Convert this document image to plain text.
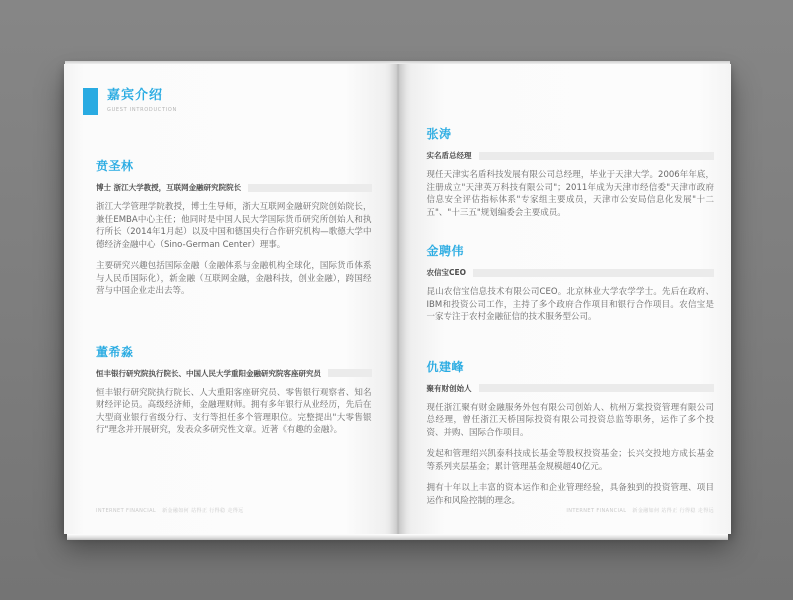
嘉宾介绍
GUEST INTRODUCTION
贲圣林
博士 浙江大学教授，互联网金融研究院院长

浙江大学管理学院教授，博士生导师，浙大互联网金融研究院创始院长，兼任EMBA中心主任；他同时是中国人民大学国际货币研究所创始人和执行所长（2014年1月起）以及中国和德国央行合作研究机构—歌德大学中德经济金融中心（Sino-German Center）理事。

主要研究兴趣包括国际金融（金融体系与金融机构全球化，国际货币体系与人民币国际化），新金融（互联网金融，金融科技，创业金融），跨国经营与中国企业走出去等。

董希淼
恒丰银行研究院执行院长、中国人民大学重阳金融研究院客座研究员

恒丰银行研究院执行院长、人大重阳客座研究员、零售银行观察者、知名财经评论员。高级经济师，金融理财师。拥有多年银行从业经历，先后在大型商业银行省级分行、支行等担任多个管理职位。完整提出"大零售银行"理念并开展研究，发表众多研究性文章。近著《有趣的金融》。

INTERNET FINANCIAL 新金融如何 站得正 行得稳 走得远
张涛
实名盾总经理

现任天津实名盾科技发展有限公司总经理，毕业于天津大学。2006年年底，注册成立"天津英万科技有限公司"；2011年成为天津市经信委"天津市政府信息安全评估指标体系"专家组主要成员，天津市公安局信息化发展"十二五"、"十三五"规划编委会主要成员。

金聘伟
农信宝CEO

昆山农信宝信息技术有限公司CEO。北京林业大学农学学士。先后在政府、IBM和投资公司工作，主持了多个政府合作项目和银行合作项目。农信宝是一家专注于农村金融征信的技术服务型公司。

仇建峰
聚有财创始人

现任浙江聚有财金融服务外包有限公司创始人、杭州万棠投资管理有限公司总经理，曾任浙江天桥国际投资有限公司投资总监等职务，运作了多个投资、并购、国际合作项目。

发起和管理绍兴凯泰科技成长基金等股权投资基金；长兴交投地方成长基金等系列夹层基金；累计管理基金规模超40亿元。

拥有十年以上丰富的资本运作和企业管理经验，具备独到的投资管理、项目运作和风险控制的理念。

INTERNET FINANCIAL 新金融如何 站得正 行得稳 走得远
